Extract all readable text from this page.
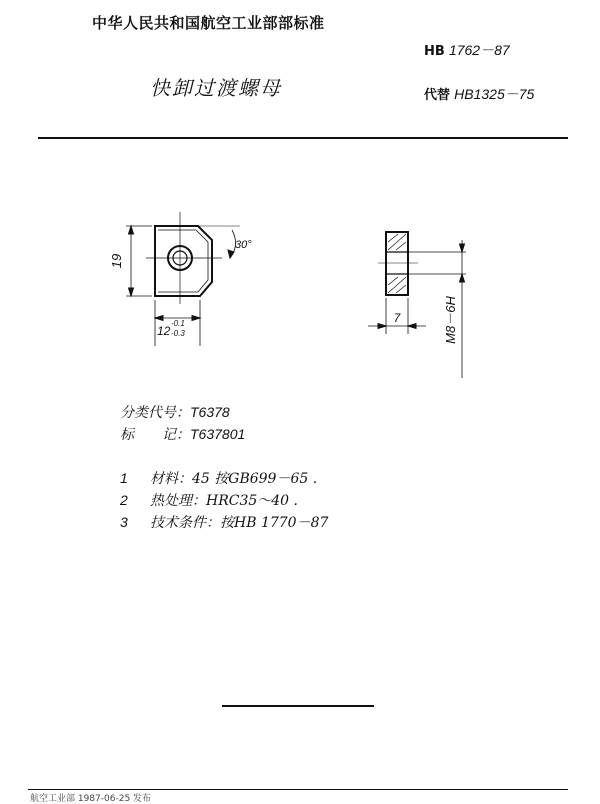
中华人民共和国航空工业部部标准
HB 1762－87
快卸过渡螺母	代替 HB1325－75
19
12
-0.1
-0.3
30°
7	M8－6H
分类代号：T6378
标　　记：T637801
1 材料：45 按GB699－65 .
2 热处理：HRC35～40 .
3 技术条件：按HB 1770－87
航空工业部 1987-06-25 发布
